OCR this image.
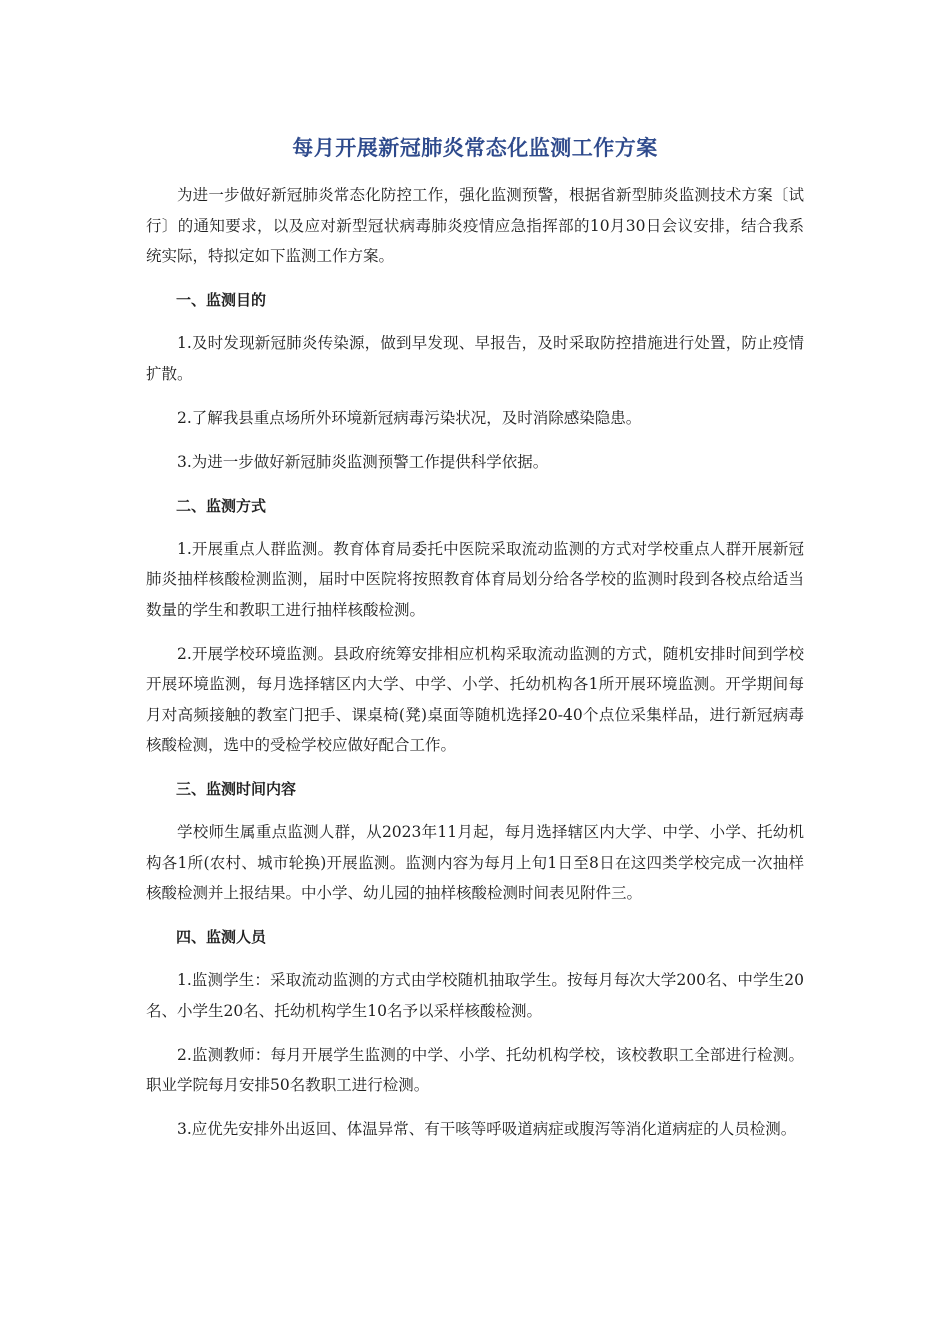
每月开展新冠肺炎常态化监测工作方案

为进一步做好新冠肺炎常态化防控工作，强化监测预警，根据省新型肺炎监测技术方案〔试行〕的通知要求，以及应对新型冠状病毒肺炎疫情应急指挥部的10月30日会议安排，结合我系统实际，特拟定如下监测工作方案。

一、监测目的

1.及时发现新冠肺炎传染源，做到早发现、早报告，及时采取防控措施进行处置，防止疫情扩散。

2.了解我县重点场所外环境新冠病毒污染状况，及时消除感染隐患。

3.为进一步做好新冠肺炎监测预警工作提供科学依据。

二、监测方式

1.开展重点人群监测。教育体育局委托中医院采取流动监测的方式对学校重点人群开展新冠肺炎抽样核酸检测监测，届时中医院将按照教育体育局划分给各学校的监测时段到各校点给适当数量的学生和教职工进行抽样核酸检测。

2.开展学校环境监测。县政府统筹安排相应机构采取流动监测的方式，随机安排时间到学校开展环境监测，每月选择辖区内大学、中学、小学、托幼机构各1所开展环境监测。开学期间每月对高频接触的教室门把手、课桌椅(凳)桌面等随机选择20-40个点位采集样品，进行新冠病毒核酸检测，选中的受检学校应做好配合工作。

三、监测时间内容

学校师生属重点监测人群，从2023年11月起，每月选择辖区内大学、中学、小学、托幼机构各1所(农村、城市轮换)开展监测。监测内容为每月上旬1日至8日在这四类学校完成一次抽样核酸检测并上报结果。中小学、幼儿园的抽样核酸检测时间表见附件三。

四、监测人员

1.监测学生：采取流动监测的方式由学校随机抽取学生。按每月每次大学200名、中学生20名、小学生20名、托幼机构学生10名予以采样核酸检测。

2.监测教师：每月开展学生监测的中学、小学、托幼机构学校，该校教职工全部进行检测。职业学院每月安排50名教职工进行检测。

3.应优先安排外出返回、体温异常、有干咳等呼吸道病症或腹泻等消化道病症的人员检测。
